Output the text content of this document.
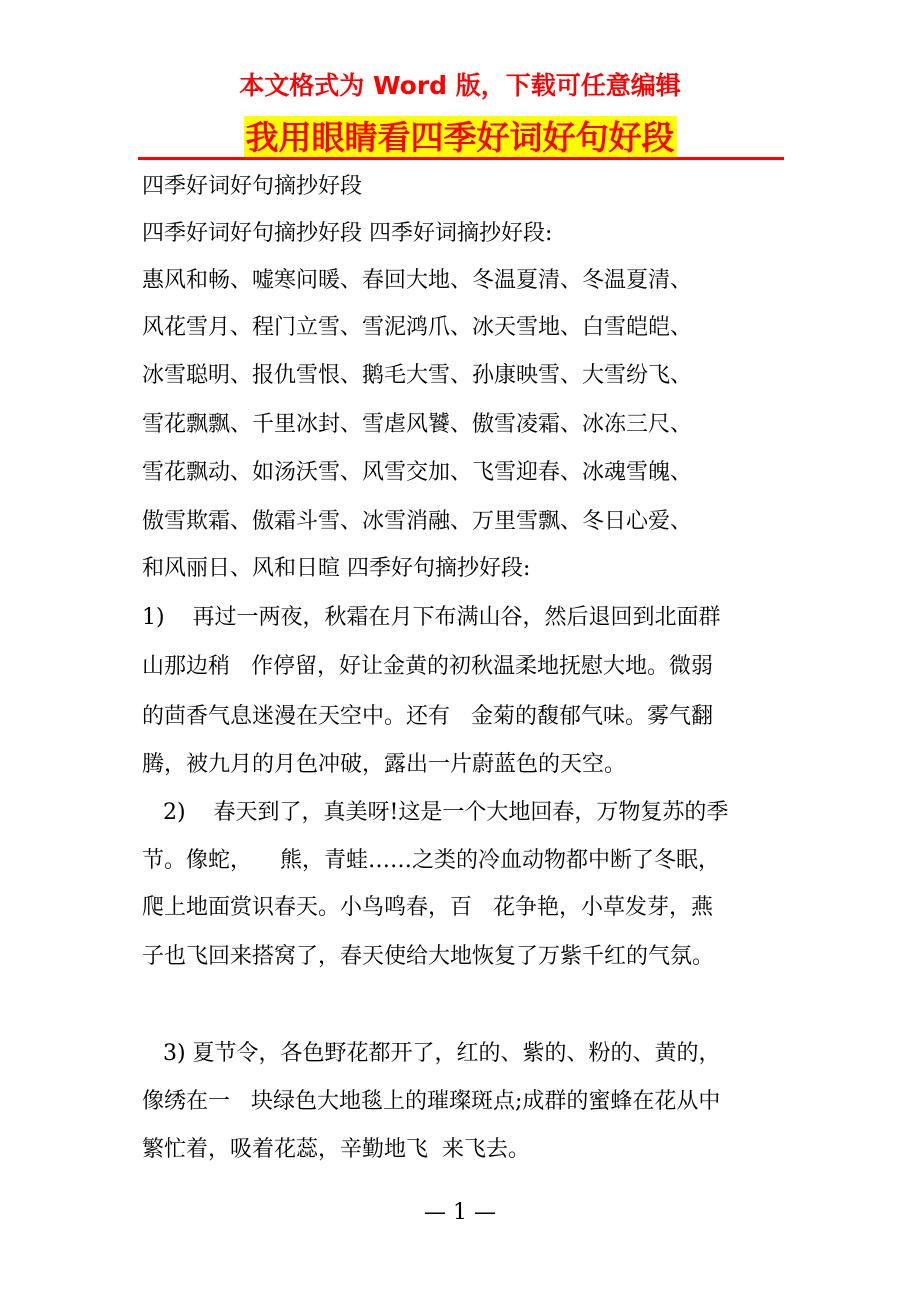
本文格式为 Word 版，下载可任意编辑
我用眼睛看四季好词好句好段
四季好词好句摘抄好段
四季好词好句摘抄好段 四季好词摘抄好段:
惠风和畅、嘘寒问暖、春回大地、冬温夏清、冬温夏清、
风花雪月、程门立雪、雪泥鸿爪、冰天雪地、白雪皑皑、
冰雪聪明、报仇雪恨、鹅毛大雪、孙康映雪、大雪纷飞、
雪花飘飘、千里冰封、雪虐风饕、傲雪凌霜、冰冻三尺、
雪花飘动、如汤沃雪、风雪交加、飞雪迎春、冰魂雪魄、
傲雪欺霜、傲霜斗雪、冰雪消融、万里雪飘、冬日心爱、
和风丽日、风和日暄 四季好句摘抄好段:
1)    再过一两夜，秋霜在月下布满山谷，然后退回到北面群
山那边稍   作停留，好让金黄的初秋温柔地抚慰大地。微弱
的茴香气息迷漫在天空中。还有   金菊的馥郁气味。雾气翻
腾，被九月的月色冲破，露出一片蔚蓝色的天空。
2)    春天到了，真美呀!这是一个大地回春，万物复苏的季
节。像蛇，    熊，青蛙……之类的冷血动物都中断了冬眠，
爬上地面赏识春天。小鸟鸣春，百   花争艳，小草发芽，燕
子也飞回来搭窝了，春天使给大地恢复了万紫千红的气氛。
3) 夏节令，各色野花都开了，红的、紫的、粉的、黄的，
像绣在一   块绿色大地毯上的璀璨斑点;成群的蜜蜂在花从中
繁忙着，吸着花蕊，辛勤地飞  来飞去。
— 1 —
